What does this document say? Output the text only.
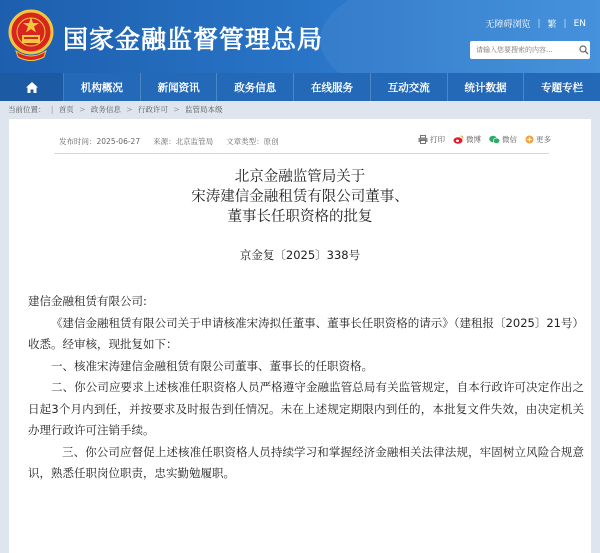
国家金融监督管理总局	无障碍浏览 | 繁 | EN
请输入您要搜索的内容...
机构概况	新闻资讯	政务信息	在线服务	互动交流	统计数据	专题专栏
当前位置： | 首页 > 政务信息 > 行政许可 > 监管局本级
发布时间：2025-06-27 来源：北京监管局 文章类型：原创	打印	微博	微信	更多
北京金融监管局关于
宋涛建信金融租赁有限公司董事、
董事长任职资格的批复
京金复〔2025〕338号

建信金融租赁有限公司:

《建信金融租赁有限公司关于申请核准宋涛拟任董事、董事长任职资格的请示》（建租报〔2025〕21号）收悉。经审核，现批复如下：

一、核准宋涛建信金融租赁有限公司董事、董事长的任职资格。

二、你公司应要求上述核准任职资格人员严格遵守金融监管总局有关监管规定，自本行政许可决定作出之日起3个月内到任，并按要求及时报告到任情况。未在上述规定期限内到任的，本批复文件失效，由决定机关办理行政许可注销手续。

三、你公司应督促上述核准任职资格人员持续学习和掌握经济金融相关法律法规，牢固树立风险合规意识，熟悉任职岗位职责，忠实勤勉履职。
